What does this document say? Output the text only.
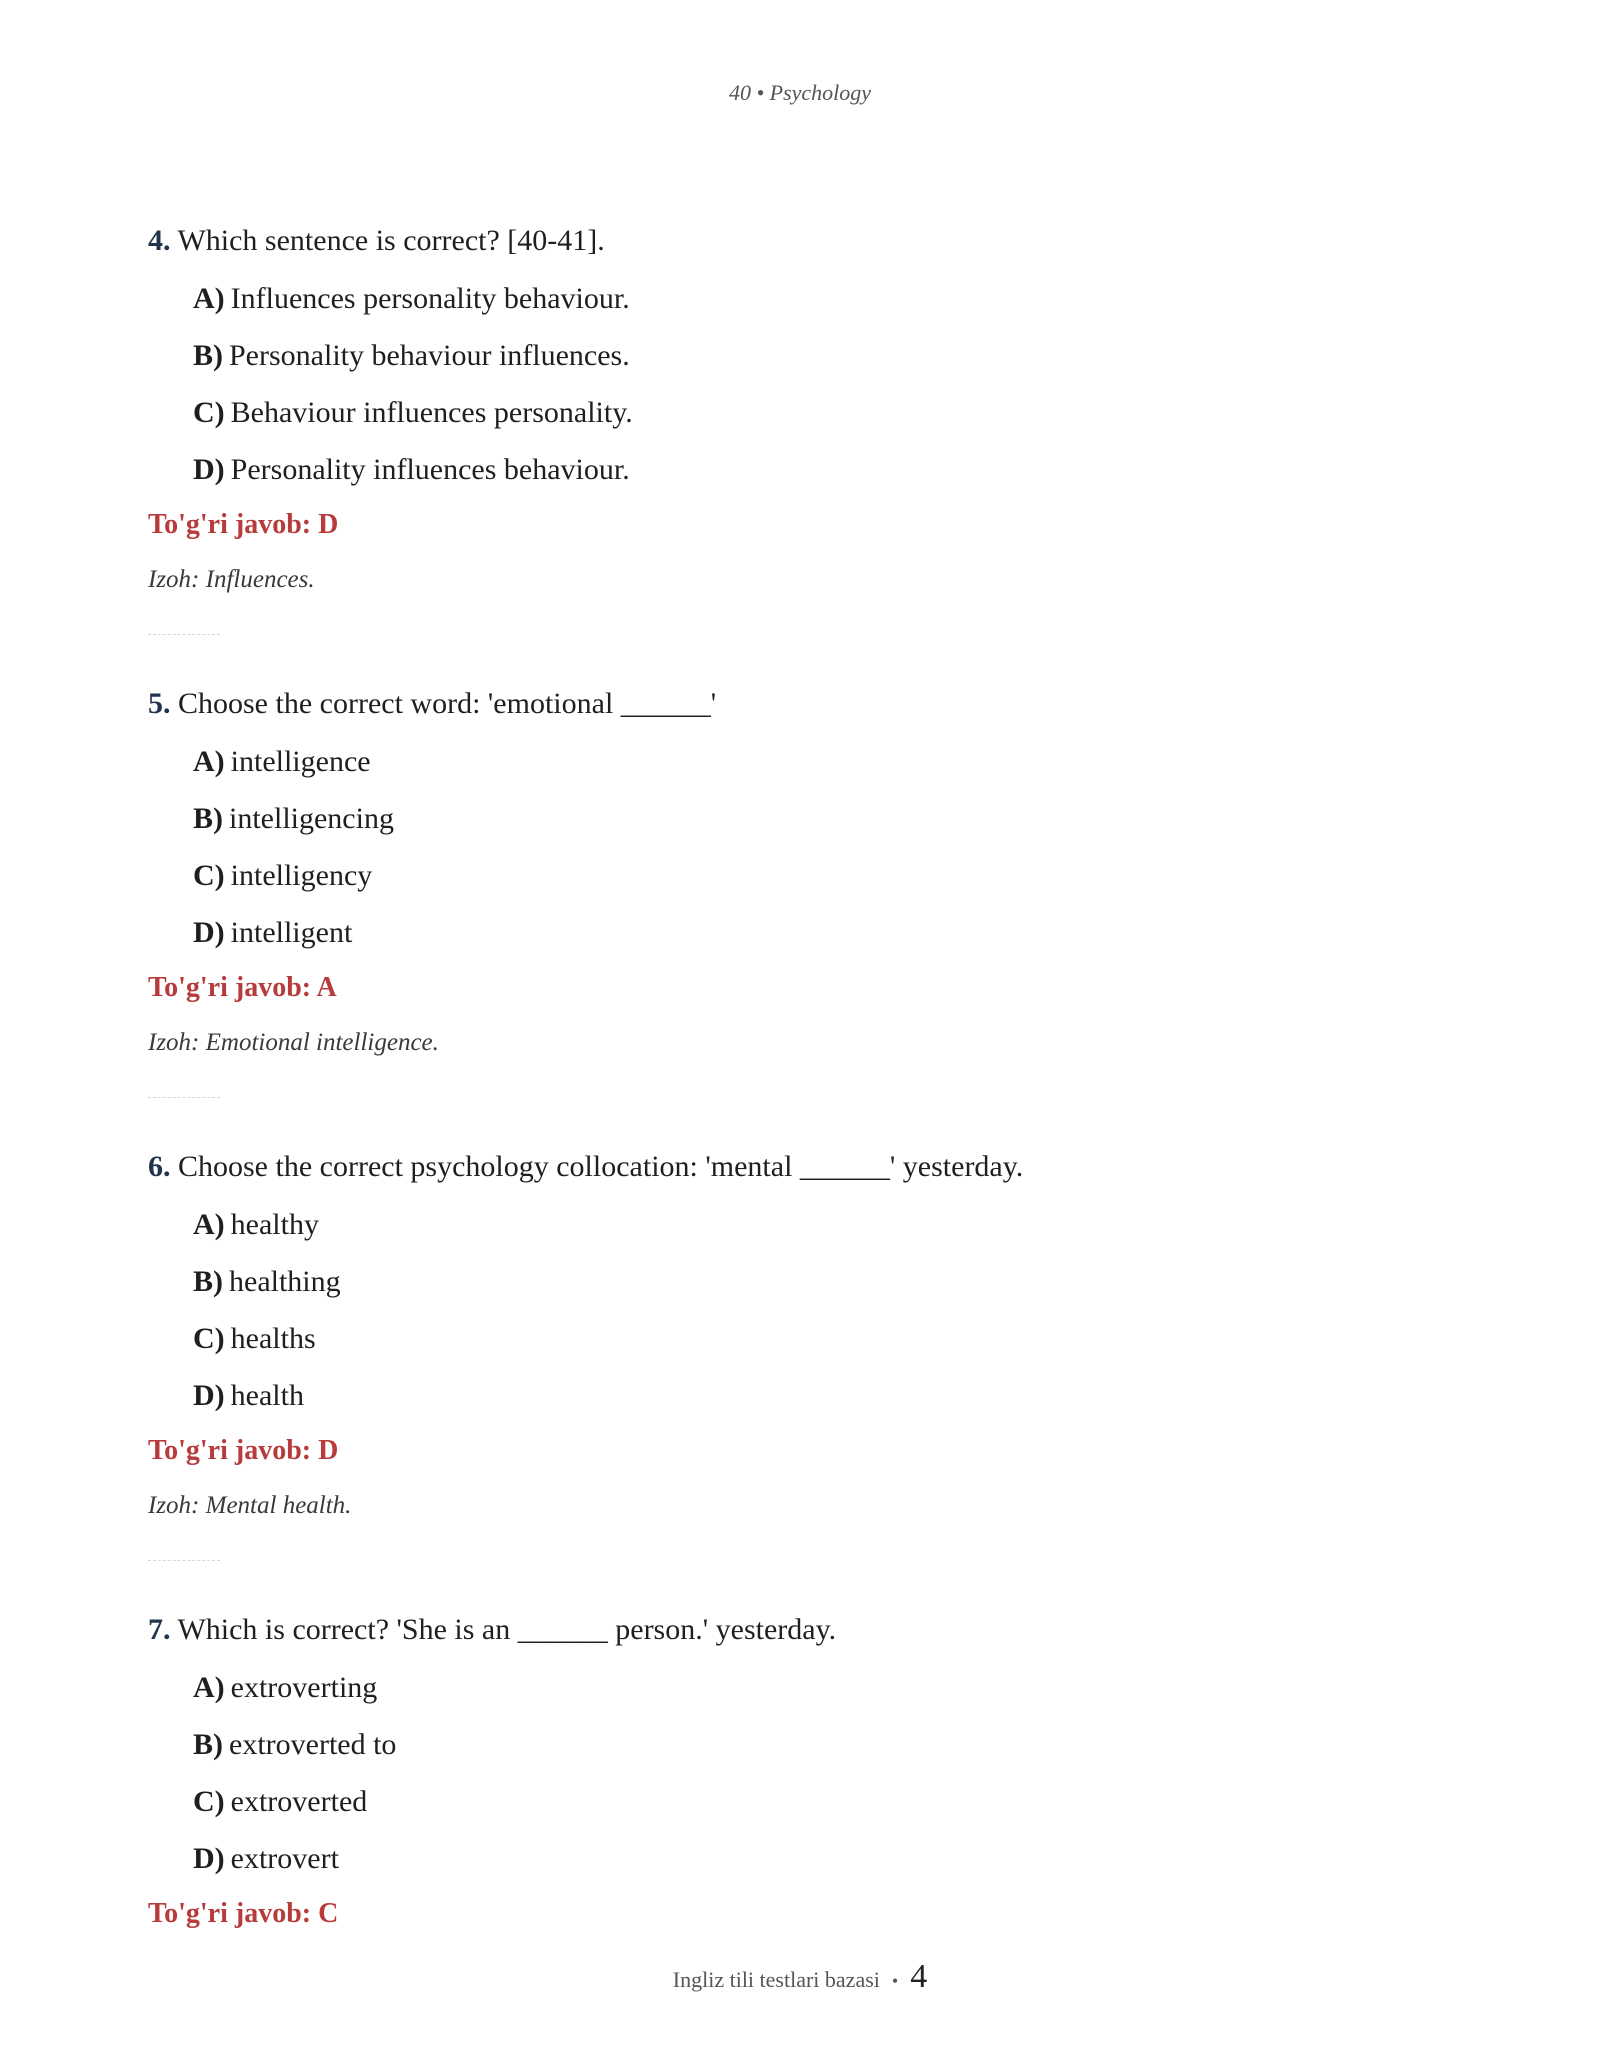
40 • Psychology

4. Which sentence is correct? [40-41].

A) Influences personality behaviour.
B) Personality behaviour influences.
C) Behaviour influences personality.
D) Personality influences behaviour.

To'g'ri javob: D

Izoh: Influences.

5. Choose the correct word: 'emotional ______'

A) intelligence
B) intelligencing
C) intelligency
D) intelligent

To'g'ri javob: A

Izoh: Emotional intelligence.

6. Choose the correct psychology collocation: 'mental ______' yesterday.

A) healthy
B) healthing
C) healths
D) health

To'g'ri javob: D

Izoh: Mental health.

7. Which is correct? 'She is an ______ person.' yesterday.

A) extroverting
B) extroverted to
C) extroverted
D) extrovert

To'g'ri javob: C

Ingliz tili testlari bazasi • 4
